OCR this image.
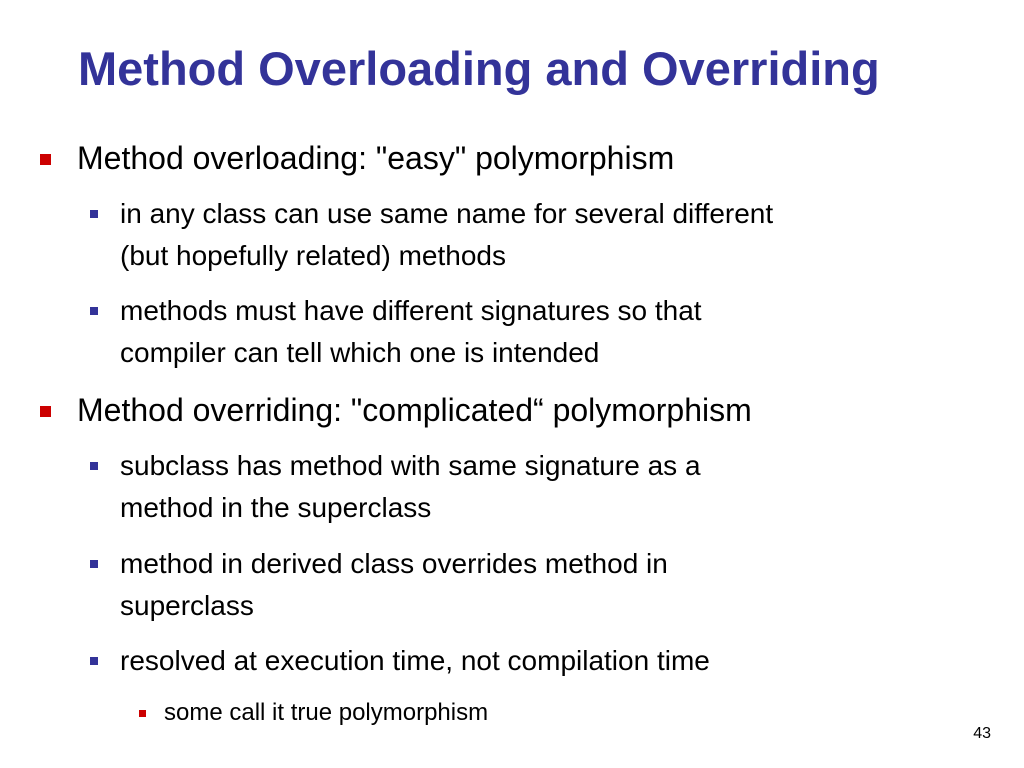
Method Overloading and Overriding
Method overloading: "easy" polymorphism
in any class can use same name for several different
(but hopefully related) methods
methods must have different signatures so that
compiler can tell which one is intended
Method overriding: "complicated“ polymorphism
subclass has method with same signature as a
method in the superclass
method in derived class overrides method in
superclass
resolved at execution time, not compilation time
some call it true polymorphism
43
